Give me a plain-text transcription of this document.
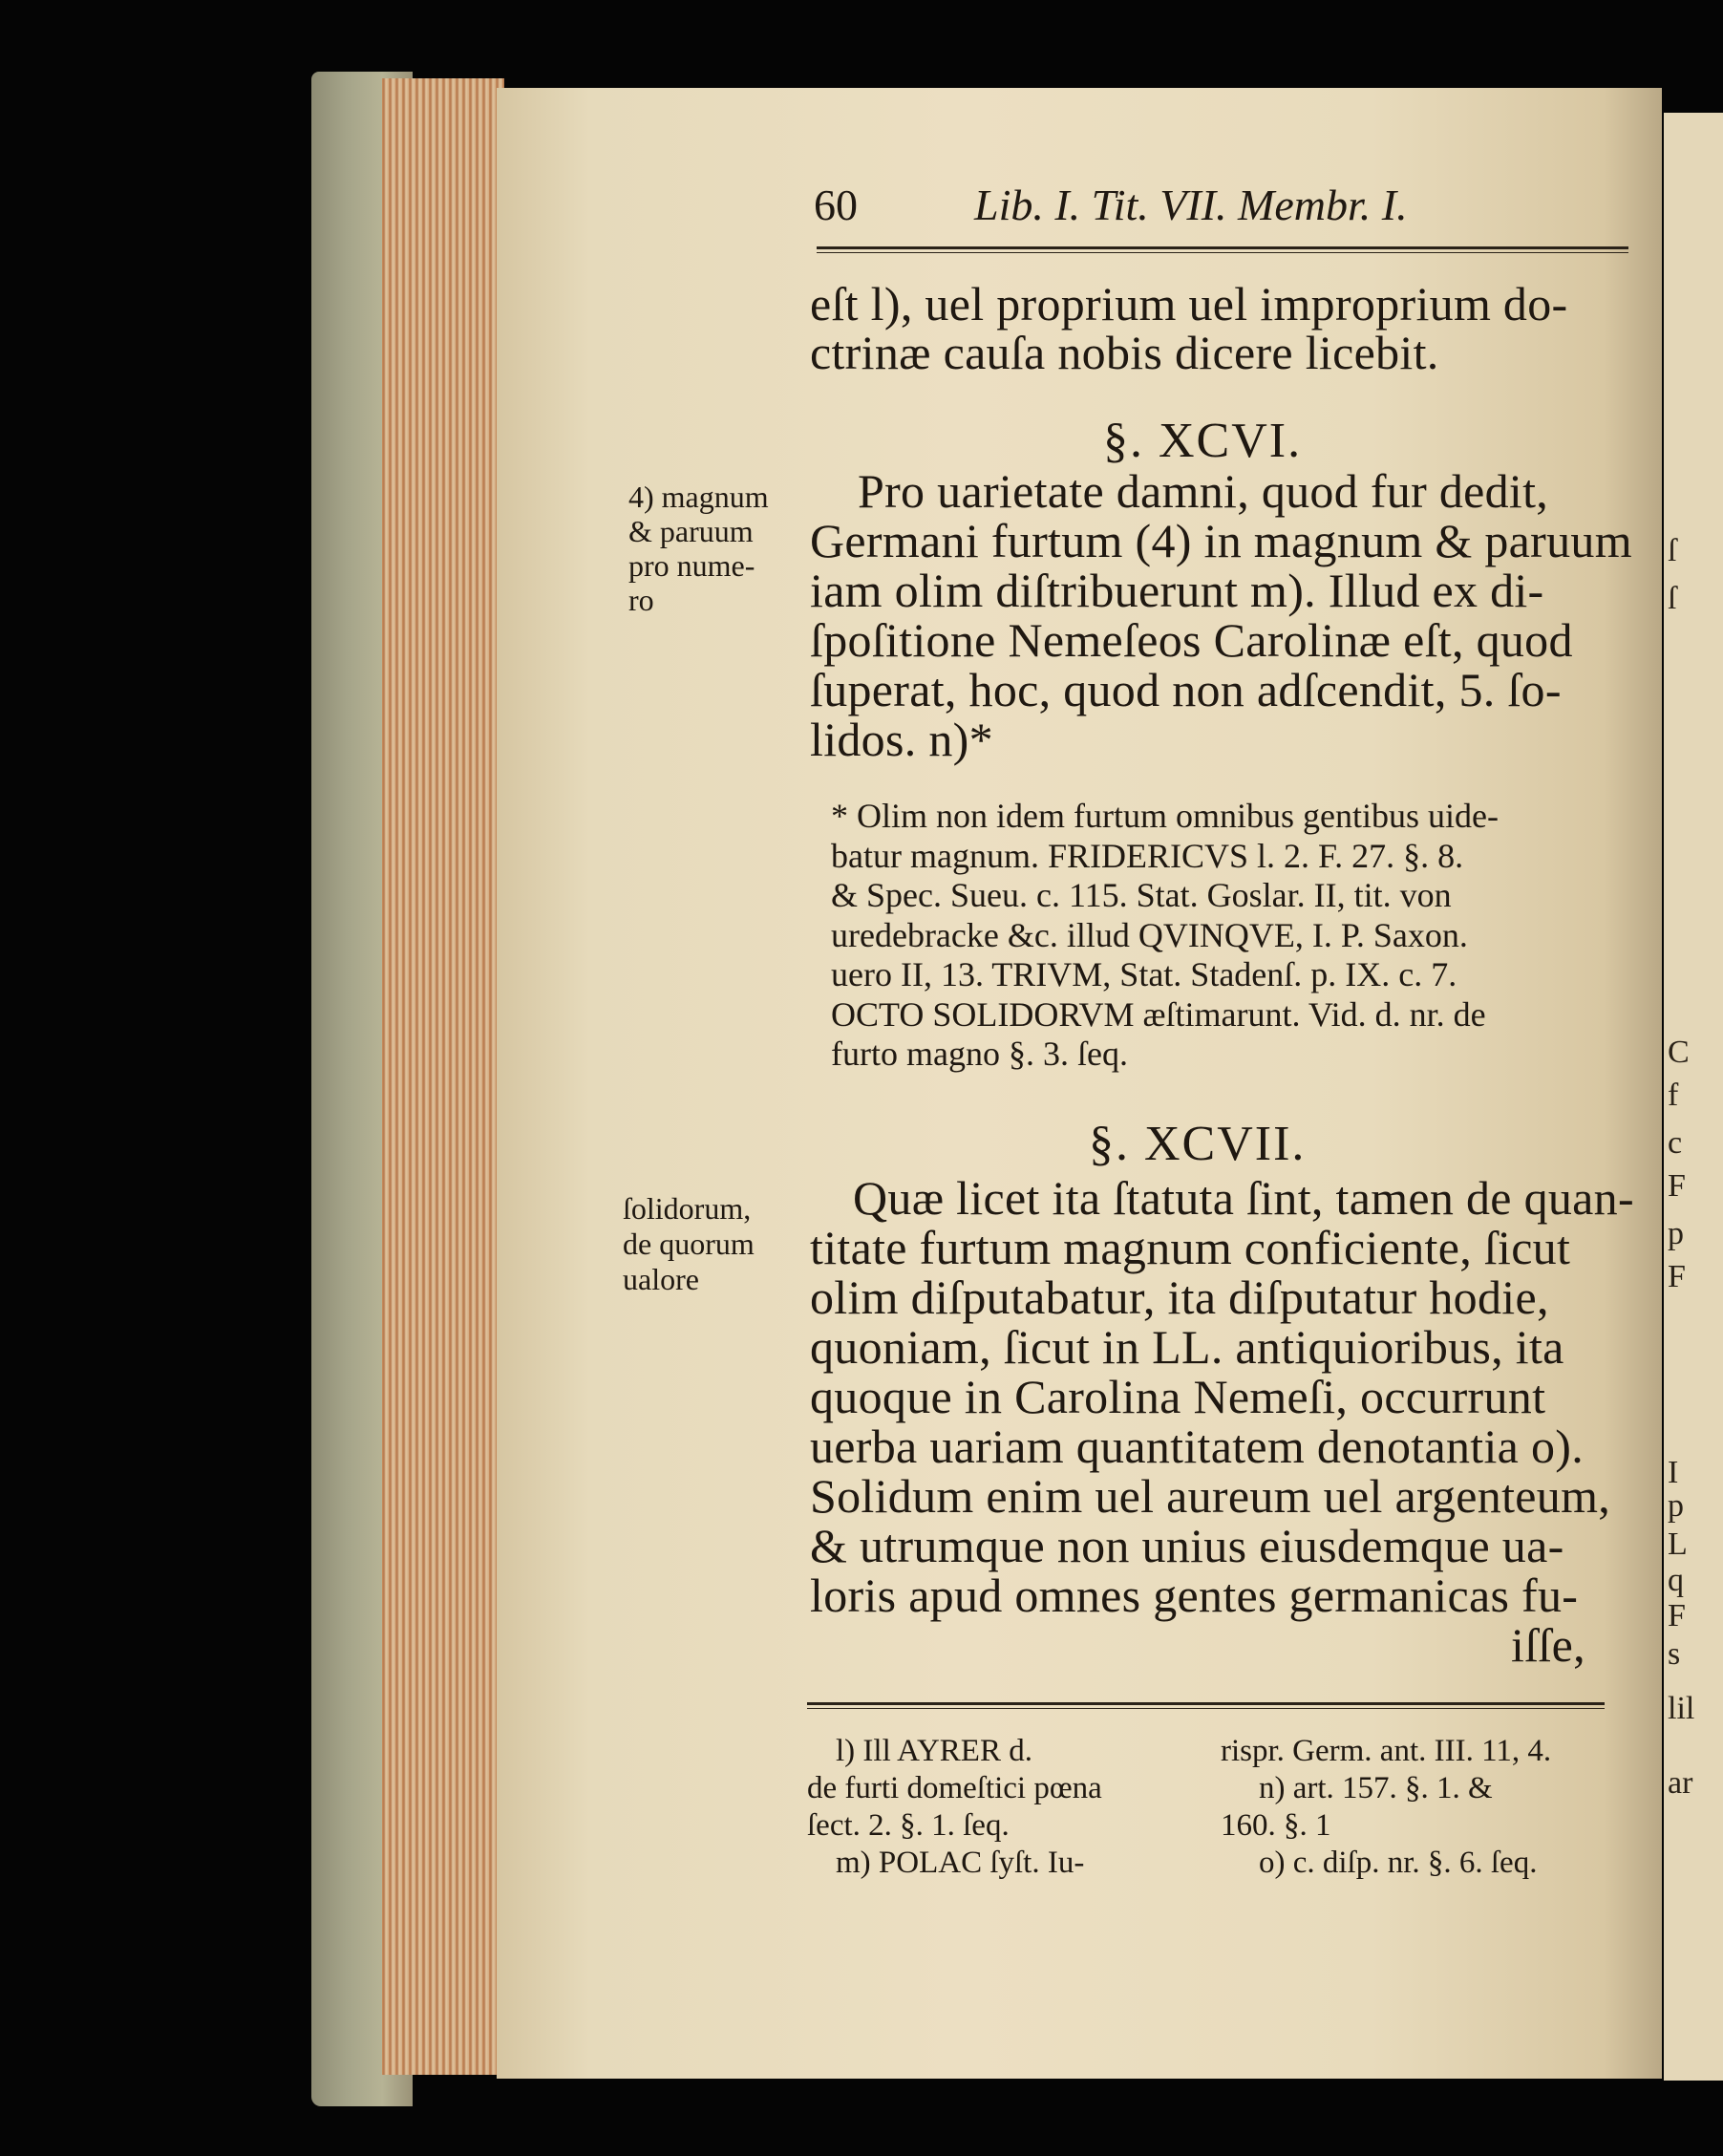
ſ
ſ
C
f
c
F
p
F
I
p
L
q
F
s
lil
ar
60	Lib. I. Tit. VII. Membr. I.
eſt l), uel proprium uel improprium do-
ctrinæ cauſa nobis dicere licebit.
§. XCVI.
Pro uarietate damni, quod fur dedit,
Germani furtum (4) in magnum & paruum
iam olim diſtribuerunt m). Illud ex di-
ſpoſitione Nemeſeos Carolinæ eſt, quod
ſuperat, hoc, quod non adſcendit, 5. ſo-
lidos. n)*
* Olim non idem furtum omnibus gentibus uide-
batur magnum. FRIDERICVS l. 2. F. 27. §. 8.
& Spec. Sueu. c. 115. Stat. Goslar. II, tit. von
uredebracke &c. illud QVINQVE, I. P. Saxon.
uero II, 13. TRIVM, Stat. Stadenſ. p. IX. c. 7.
OCTO SOLIDORVM æſtimarunt. Vid. d. nr. de
furto magno §. 3. ſeq.
§. XCVII.
Quæ licet ita ſtatuta ſint, tamen de quan-
titate furtum magnum conficiente, ſicut
olim diſputabatur, ita diſputatur hodie,
quoniam, ſicut in LL. antiquioribus, ita
quoque in Carolina Nemeſi, occurrunt
uerba uariam quantitatem denotantia o).
Solidum enim uel aureum uel argenteum,
& utrumque non unius eiusdemque ua-
loris apud omnes gentes germanicas fu-
iſſe,
4) magnum
& paruum
pro nume-
ro
ſolidorum,
de quorum
ualore
l) Ill AYRER d.
de furti domeſtici pœna
ſect. 2. §. 1. ſeq.
m) POLAC ſyſt. Iu-
rispr. Germ. ant. III. 11, 4.
n) art. 157. §. 1. &
160. §. 1
o) c. diſp. nr. §. 6. ſeq.
